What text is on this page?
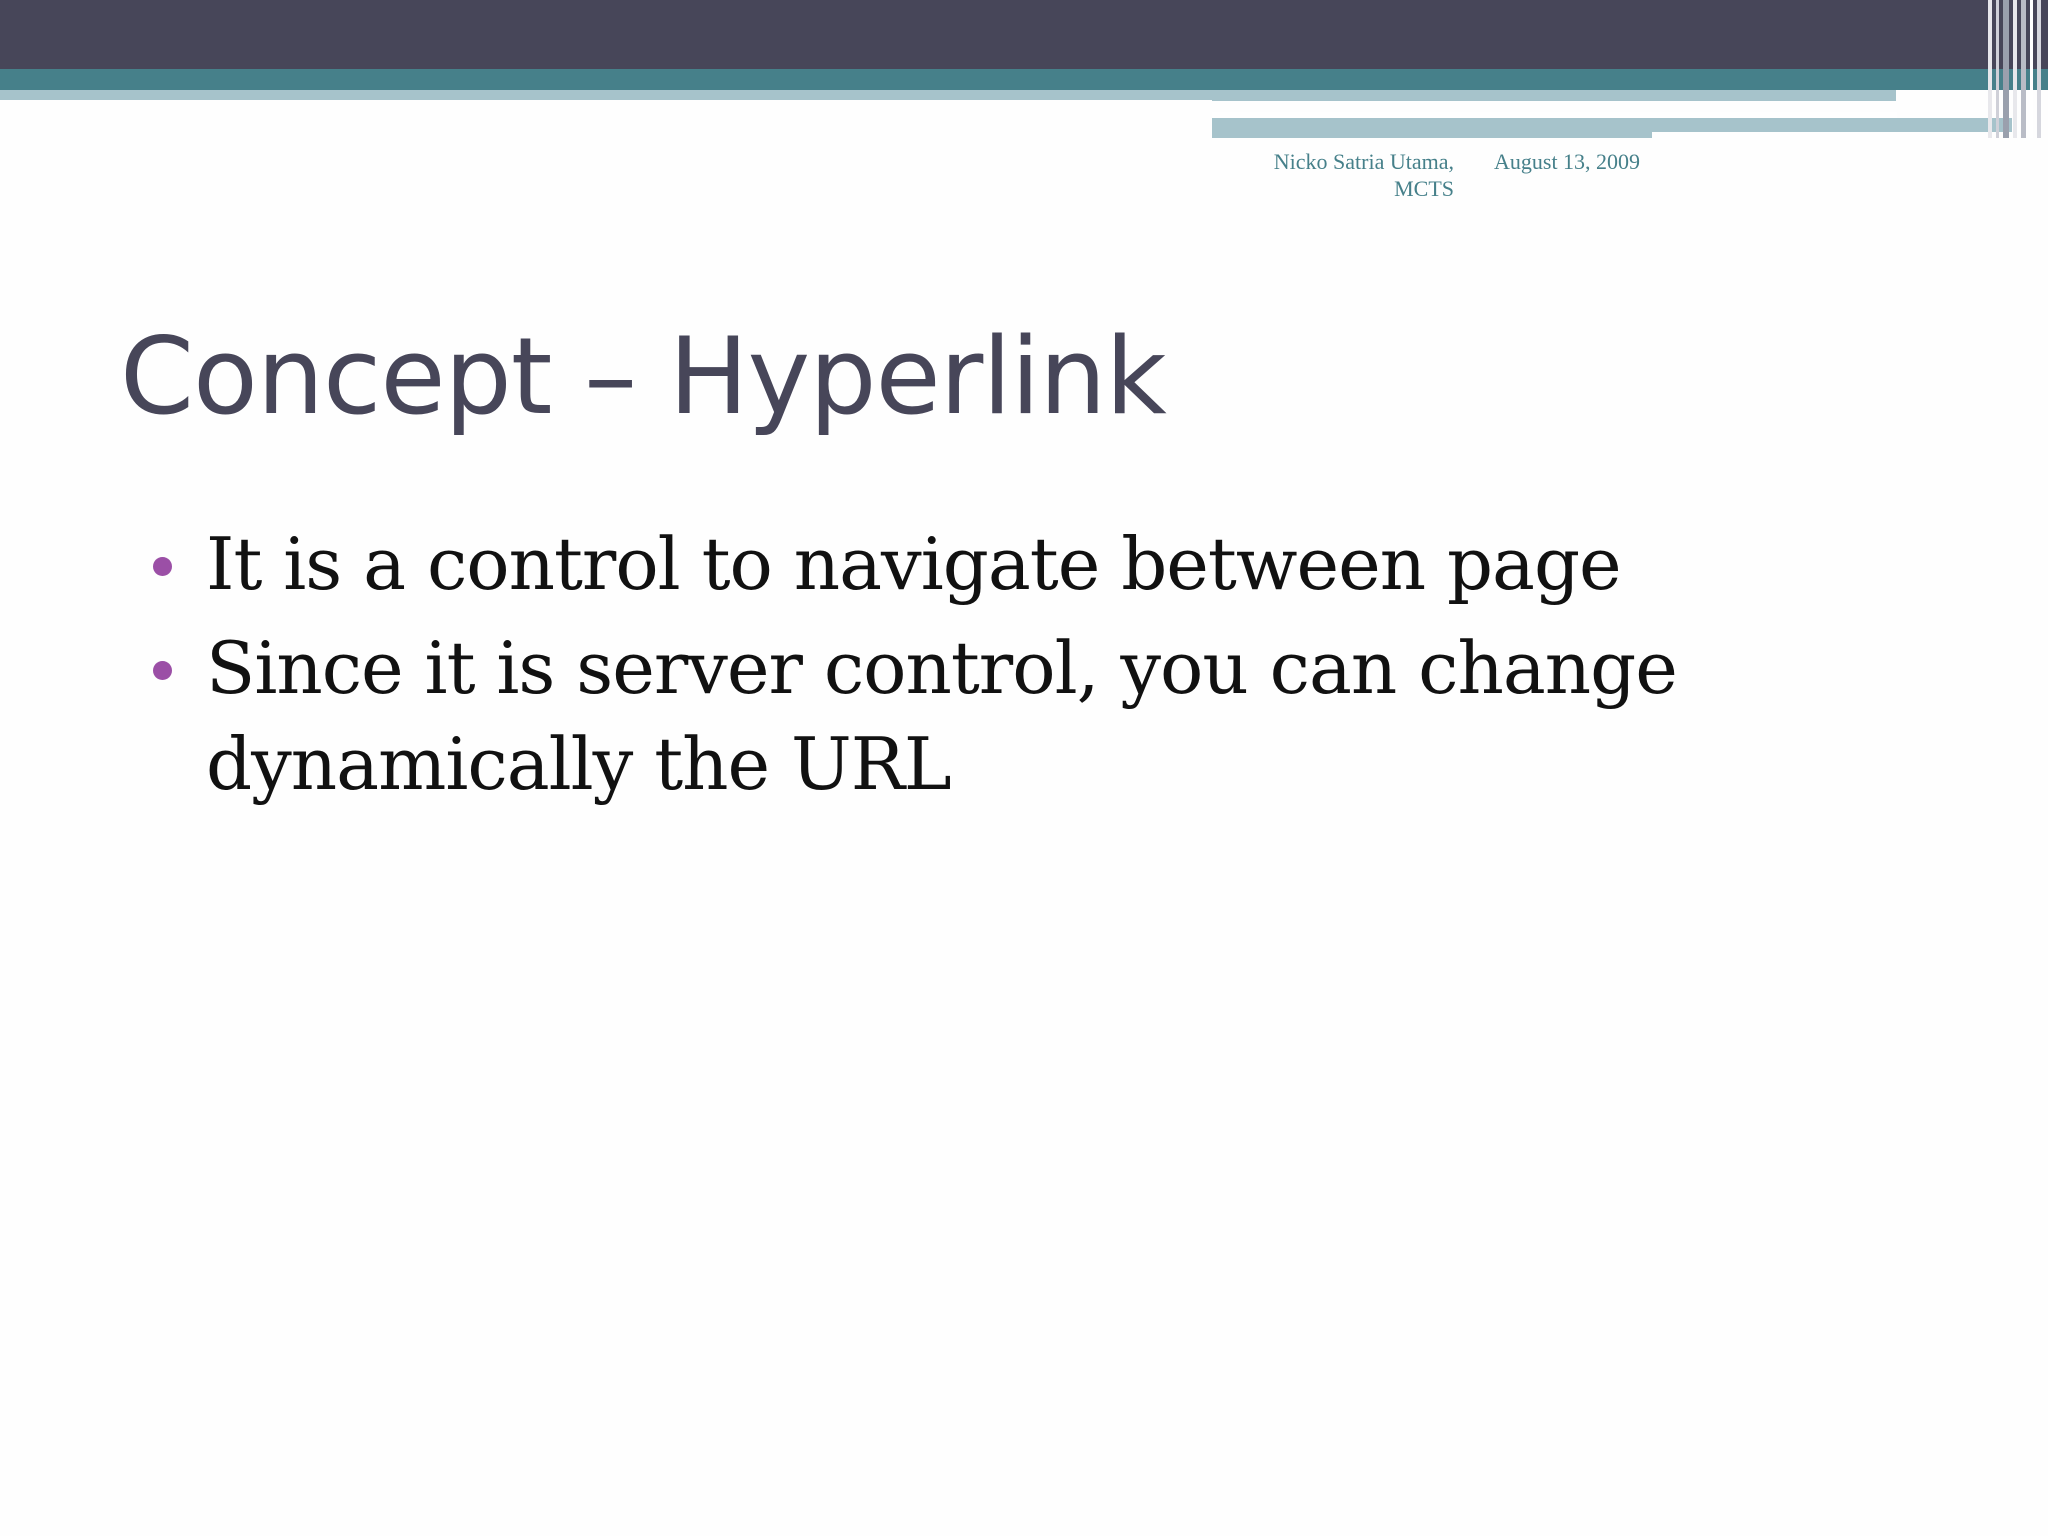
Nicko Satria Utama, MCTS
August 13, 2009
Concept – Hyperlink
It is a control to navigate between page
Since it is server control, you can change dynamically the URL
